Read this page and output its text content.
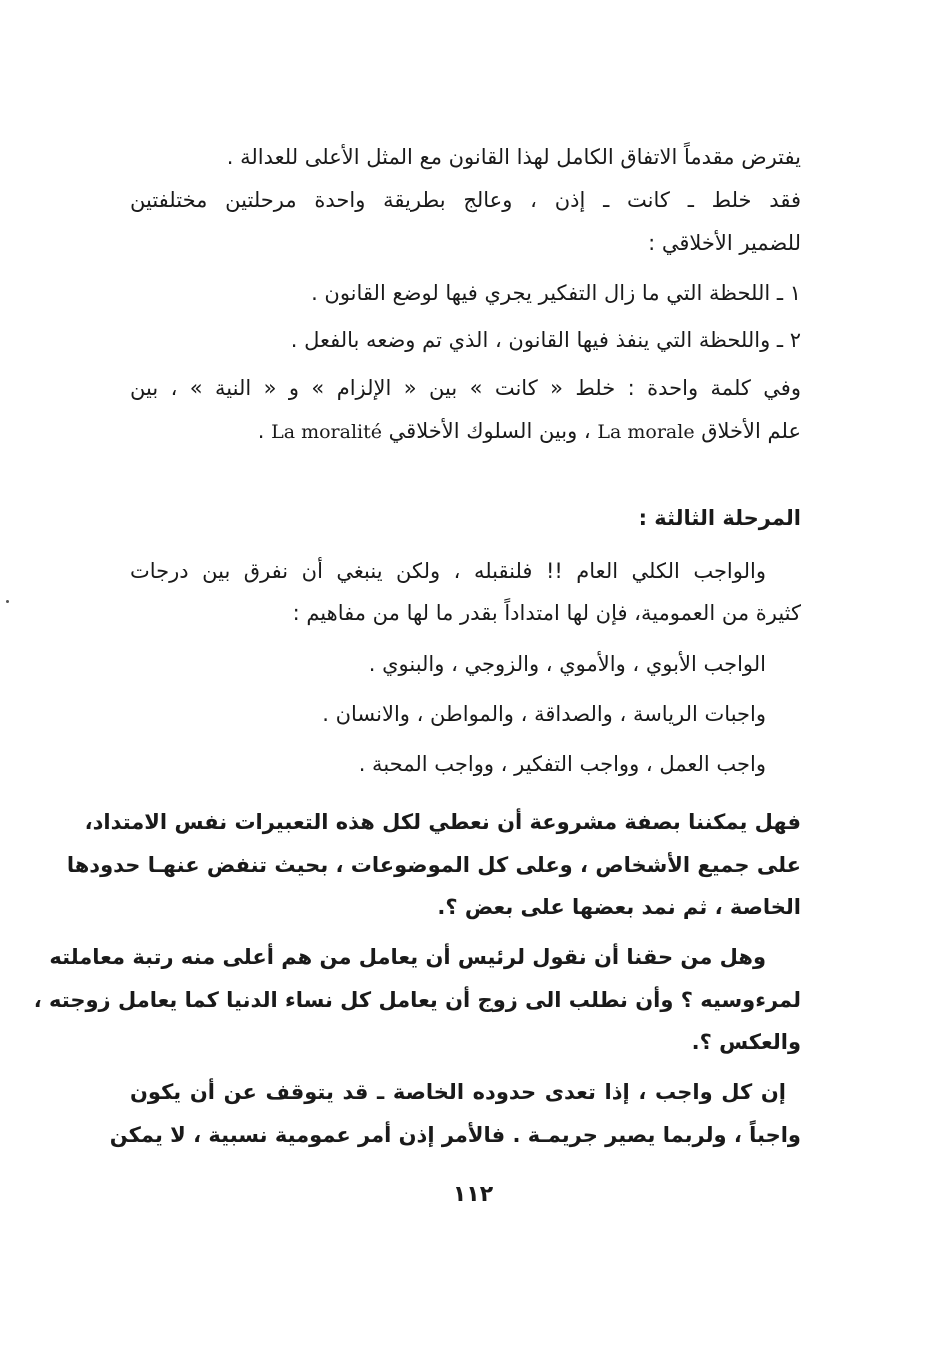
يفترض مقدماً الاتفاق الكامل لهذا القانون مع المثل الأعلى للعدالة .
فقد خلط ـ كانت ـ إذن ، وعالج بطريقة واحدة مرحلتين مختلفتين
للضمير الأخلاقي :
١ ـ اللحظة التي ما زال التفكير يجري فيها لوضع القانون .
٢ ـ واللحظة التي ينفذ فيها القانون ، الذي تم وضعه بالفعل .
وفي كلمة واحدة : خلط « كانت » بين « الإلزام » و « النية » ، بين
علم الأخلاق La morale ، وبين السلوك الأخلاقي La moralité .
المرحلة الثالثة :
والواجب الكلي العام !! فلنقبله ، ولكن ينبغي أن نفرق بين درجات
كثيرة من العمومية، فإن لها امتداداً بقدر ما لها من مفاهيم :
الواجب الأبوي ، والأموي ، والزوجي ، والبنوي .
واجبات الرياسة ، والصداقة ، والمواطن ، والانسان .
واجب العمل ، وواجب التفكير ، وواجب المحبة .
فهل يمكننا بصفة مشروعة أن نعطي لكل هذه التعبيرات نفس الامتداد،
على جميع الأشخاص ، وعلى كل الموضوعات ، بحيث تنفض عنهـا حدودها
الخاصة ، ثم نمد بعضها على بعض ؟.
وهل من حقنا أن نقول لرئيس أن يعامل من هم أعلى منه رتبة معاملته
لمرءوسيه ؟ وأن نطلب الى زوج أن يعامل كل نساء الدنيا كما يعامل زوجته ،
والعكس ؟.
إن كل واجب ، إذا تعدى حدوده الخاصة ـ قد يتوقف عن أن يكون
واجباً ، ولربما يصير جريمـة . فالأمر إذن أمر عمومية نسبية ، لا يمكن
١١٢
